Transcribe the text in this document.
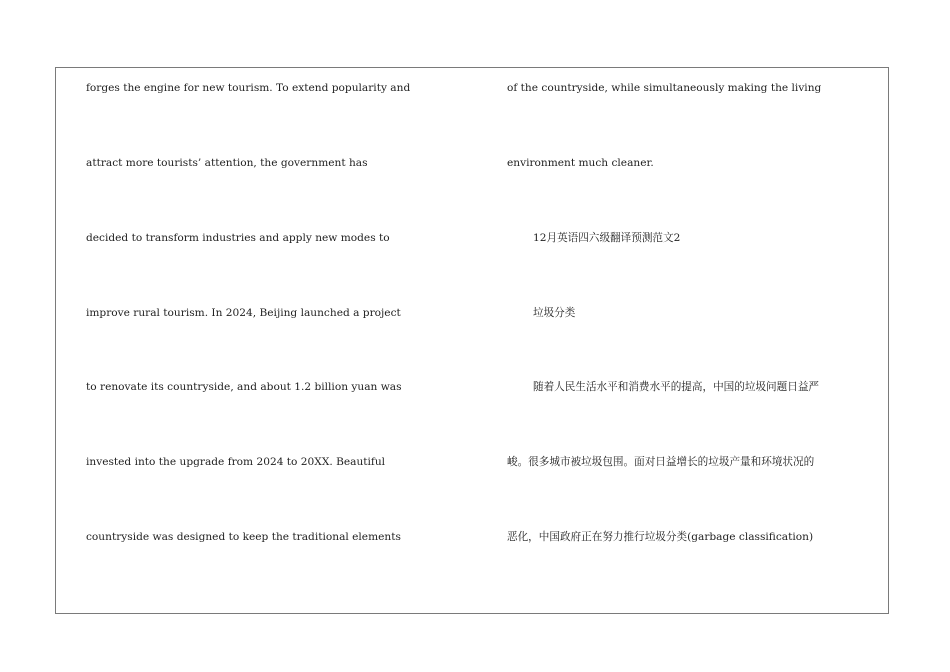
forges the engine for new tourism. To extend popularity and
attract more tourists’ attention, the government has
decided to transform industries and apply new modes to
improve rural tourism. In 2024, Beijing launched a project
to renovate its countryside, and about 1.2 billion yuan was
invested into the upgrade from 2024 to 20XX. Beautiful
countryside was designed to keep the traditional elements
of the countryside, while simultaneously making the living
environment much cleaner.
12月英语四六级翻译预测范文2
垃圾分类
随着人民生活水平和消费水平的提高，中国的垃圾问题日益严
峻。很多城市被垃圾包围。面对日益增长的垃圾产量和环境状况的
恶化，中国政府正在努力推行垃圾分类(garbage classification)
